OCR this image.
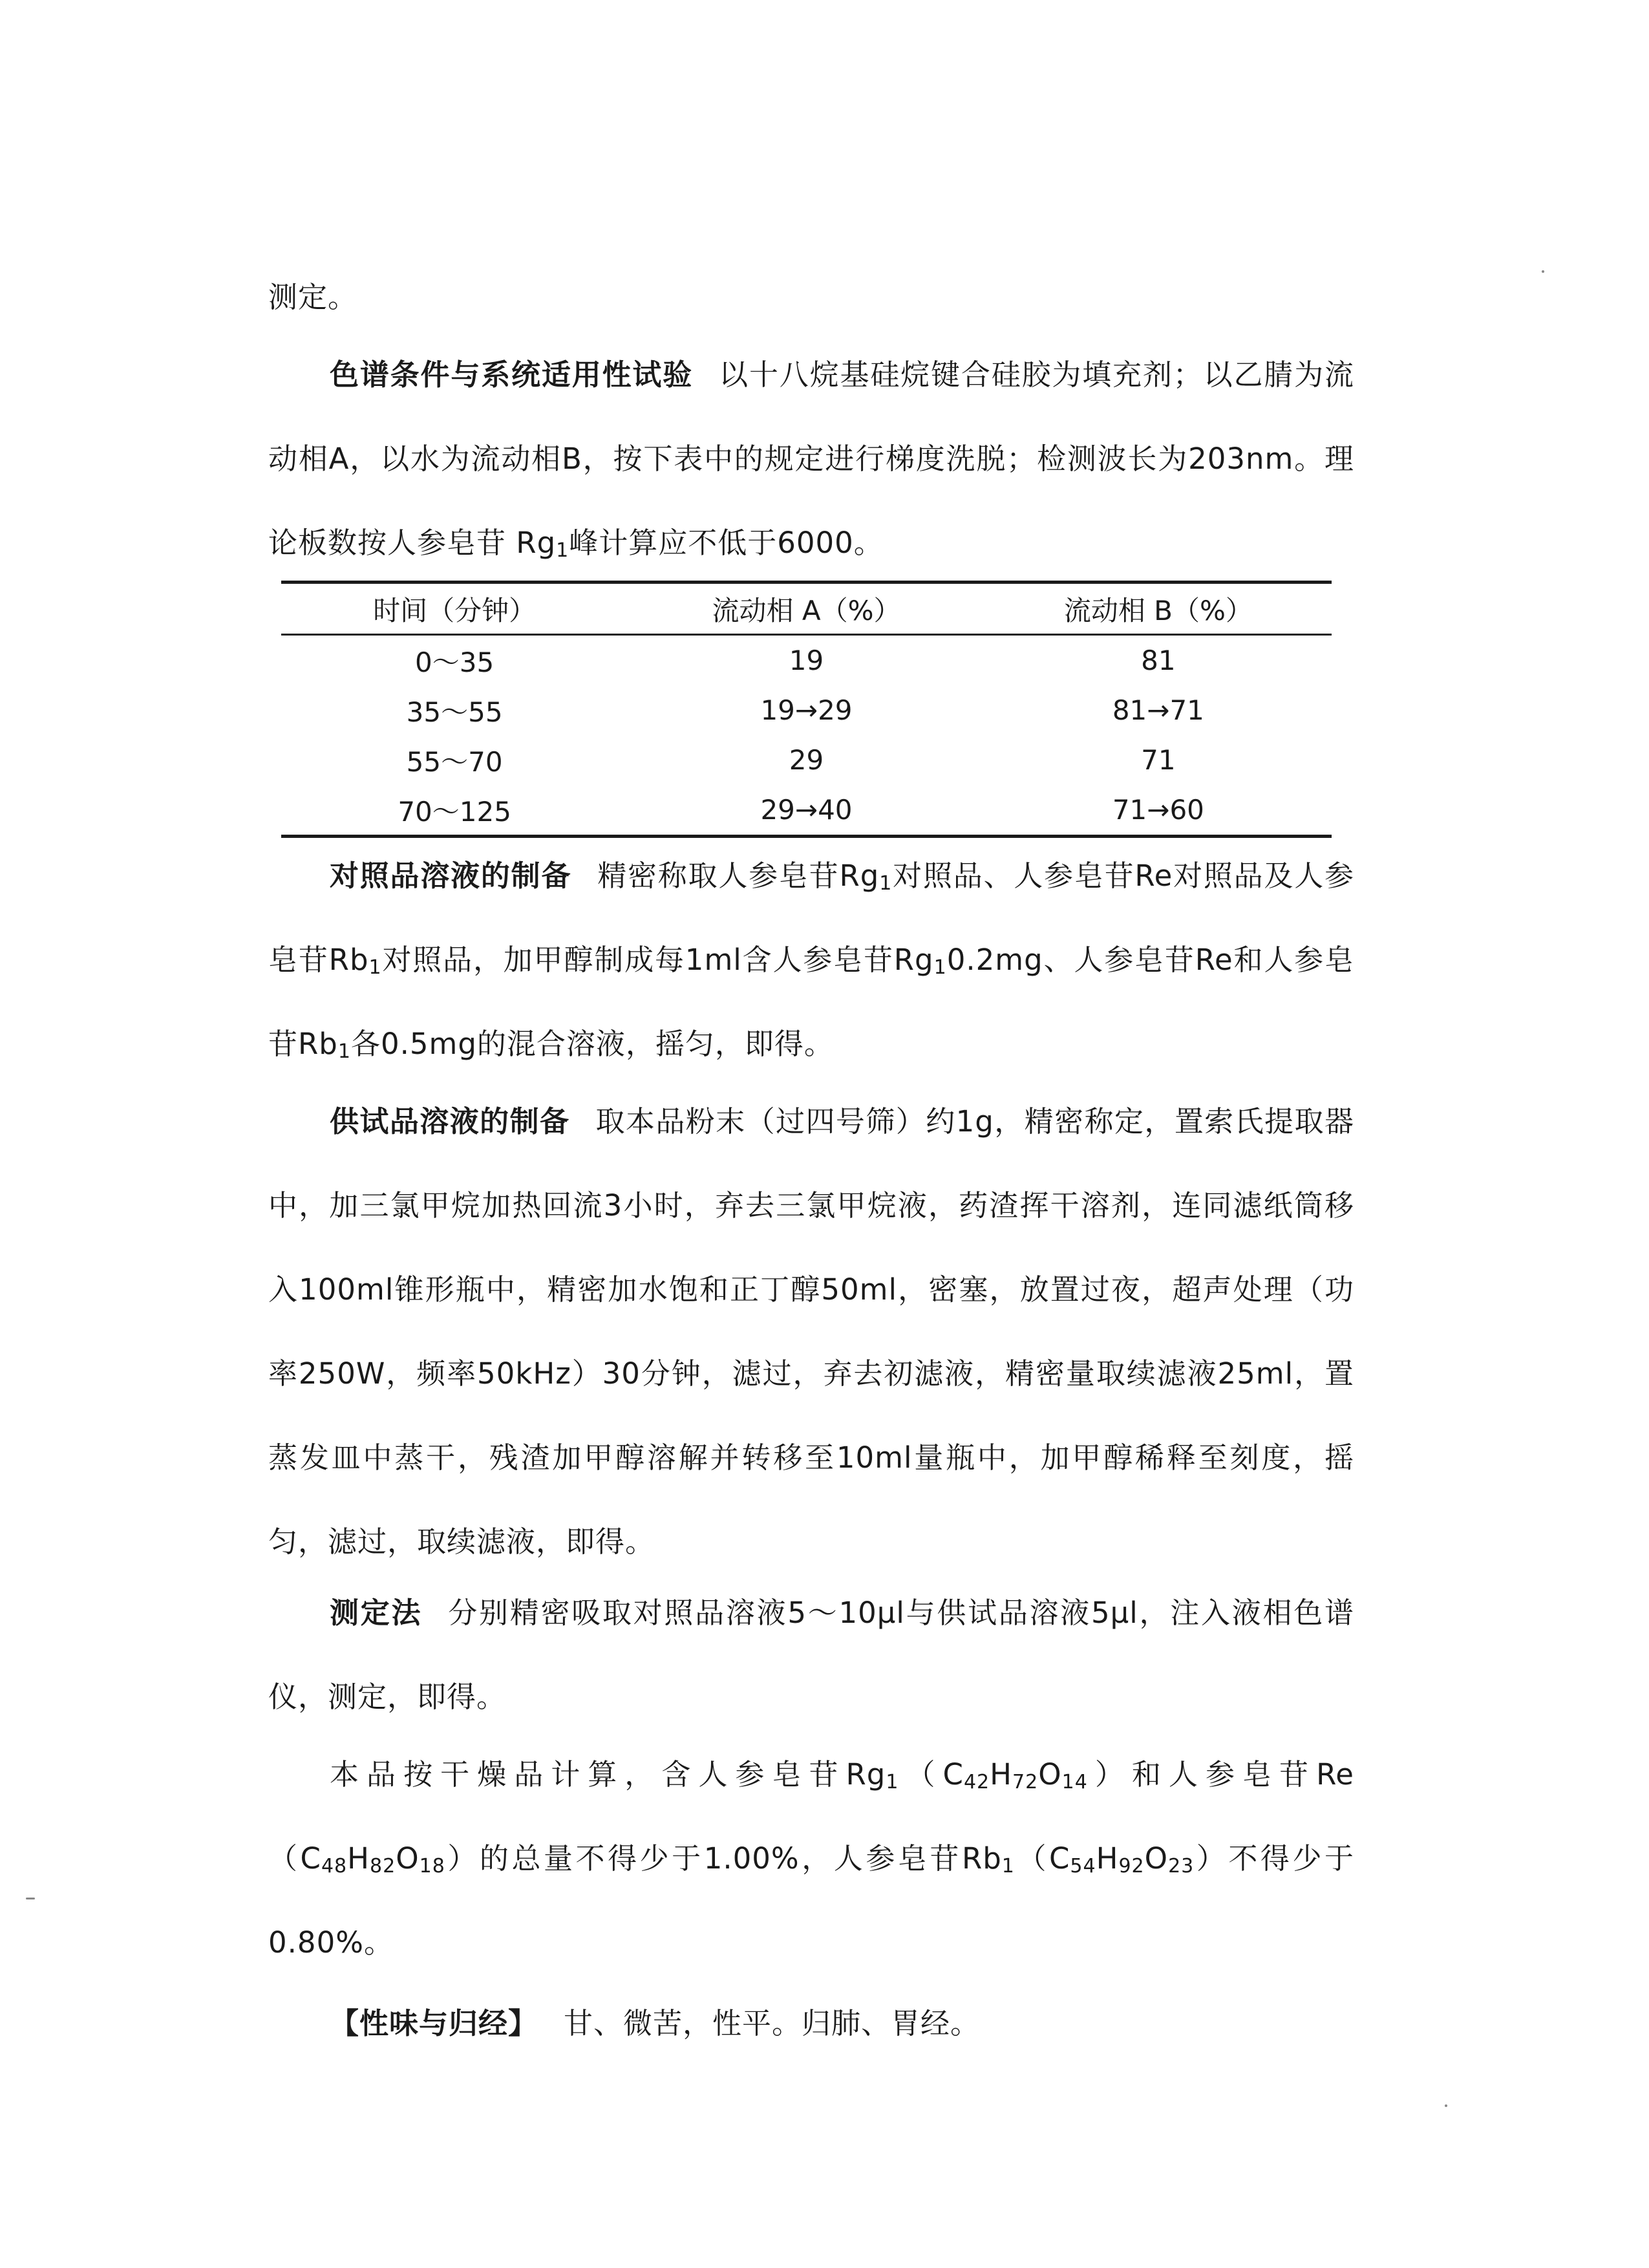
测定。

色谱条件与系统适用性试验 以十八烷基硅烷键合硅胶为填充剂；以乙腈为流动相A，以水为流动相B，按下表中的规定进行梯度洗脱；检测波长为203nm。理论板数按人参皂苷 $Rg_1$峰计算应不低于6000。

时间（分钟）	流动相 A（%）	流动相 B（%）
0～35	19	81
35～55	19→29	81→71
55～70	29	71
70～125	29→40	71→60

对照品溶液的制备 精密称取人参皂苷$Rg_1$对照品、人参皂苷Re对照品及人参皂苷$Rb_1$对照品，加甲醇制成每1ml含人参皂苷$Rg_10.2mg$、人参皂苷Re和人参皂苷$Rb_1$各0.5mg的混合溶液，摇匀，即得。

供试品溶液的制备 取本品粉末（过四号筛）约1g，精密称定，置索氏提取器中，加三氯甲烷加热回流3小时，弃去三氯甲烷液，药渣挥干溶剂，连同滤纸筒移入100ml锥形瓶中，精密加水饱和正丁醇50ml，密塞，放置过夜，超声处理（功率250W，频率50kHz）30分钟，滤过，弃去初滤液，精密量取续滤液25ml，置蒸发皿中蒸干，残渣加甲醇溶解并转移至10ml量瓶中，加甲醇稀释至刻度，摇匀，滤过，取续滤液，即得。

测定法 分别精密吸取对照品溶液5～10μl与供试品溶液5μl，注入液相色谱仪，测定，即得。

本品按干燥品计算，含人参皂苷$Rg_1(C_{42}H_{72}O_{14})$和人参皂苷$Re(C_{48}H_{82}O_{18})$的总量不得少于1.00%，人参皂苷$Rb_1(C_{54}H_{92}O_{23})$不得少于0.80%。

【性味与归经】 甘、微苦，性平。归肺、胃经。
